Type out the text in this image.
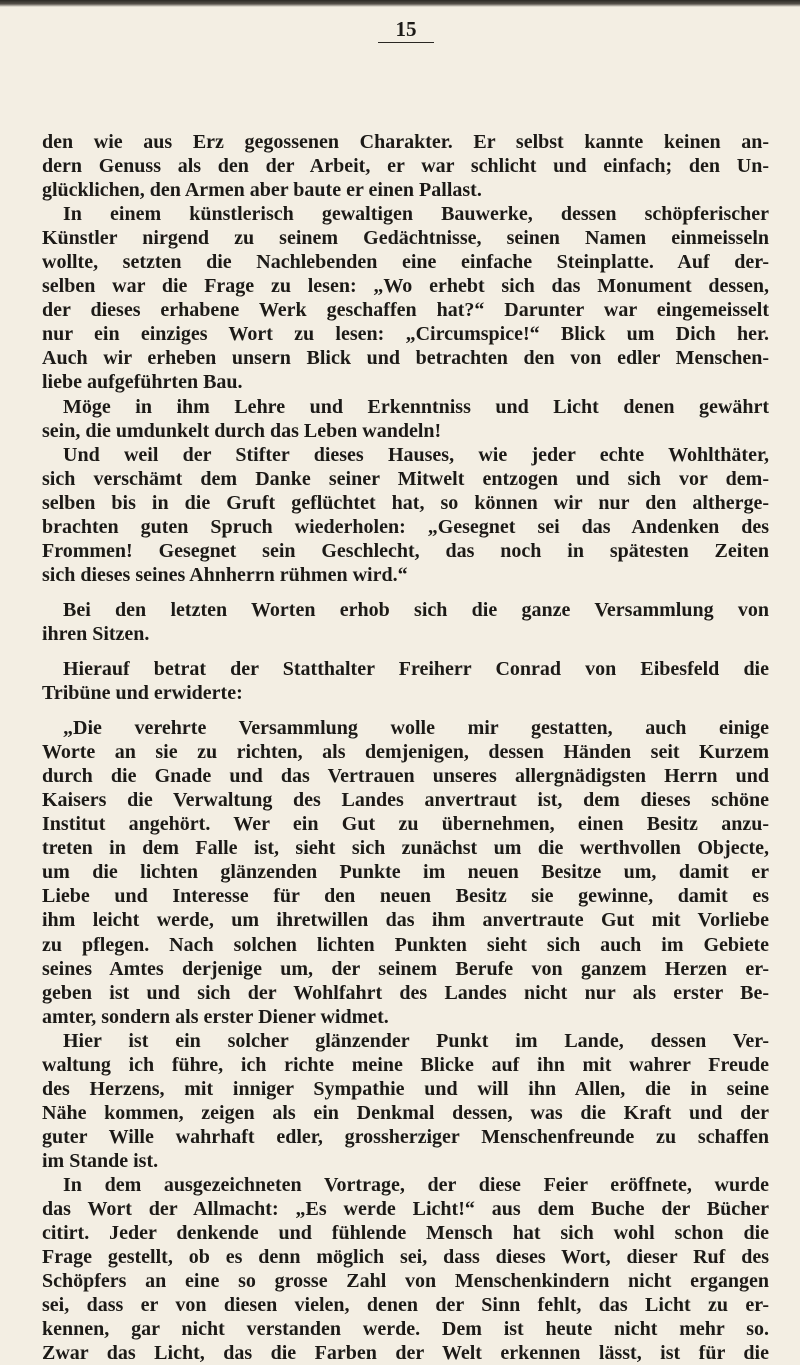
15
den wie aus Erz gegossenen Charakter. Er selbst kannte keinen an-
dern Genuss als den der Arbeit, er war schlicht und einfach; den Un-
glücklichen, den Armen aber baute er einen Pallast.
In einem künstlerisch gewaltigen Bauwerke, dessen schöpferischer
Künstler nirgend zu seinem Gedächtnisse, seinen Namen einmeisseln
wollte, setzten die Nachlebenden eine einfache Steinplatte. Auf der-
selben war die Frage zu lesen: „Wo erhebt sich das Monument dessen,
der dieses erhabene Werk geschaffen hat?“ Darunter war eingemeisselt
nur ein einziges Wort zu lesen: „Circumspice!“ Blick um Dich her.
Auch wir erheben unsern Blick und betrachten den von edler Menschen-
liebe aufgeführten Bau.
Möge in ihm Lehre und Erkenntniss und Licht denen gewährt
sein, die umdunkelt durch das Leben wandeln!
Und weil der Stifter dieses Hauses, wie jeder echte Wohlthäter,
sich verschämt dem Danke seiner Mitwelt entzogen und sich vor dem-
selben bis in die Gruft geflüchtet hat, so können wir nur den altherge-
brachten guten Spruch wiederholen: „Gesegnet sei das Andenken des
Frommen! Gesegnet sein Geschlecht, das noch in spätesten Zeiten
sich dieses seines Ahnherrn rühmen wird.“
Bei den letzten Worten erhob sich die ganze Versammlung von
ihren Sitzen.
Hierauf betrat der Statthalter Freiherr Conrad von Eibesfeld die
Tribüne und erwiderte:
„Die verehrte Versammlung wolle mir gestatten, auch einige
Worte an sie zu richten, als demjenigen, dessen Händen seit Kurzem
durch die Gnade und das Vertrauen unseres allergnädigsten Herrn und
Kaisers die Verwaltung des Landes anvertraut ist, dem dieses schöne
Institut angehört. Wer ein Gut zu übernehmen, einen Besitz anzu-
treten in dem Falle ist, sieht sich zunächst um die werthvollen Objecte,
um die lichten glänzenden Punkte im neuen Besitze um, damit er
Liebe und Interesse für den neuen Besitz sie gewinne, damit es
ihm leicht werde, um ihretwillen das ihm anvertraute Gut mit Vorliebe
zu pflegen. Nach solchen lichten Punkten sieht sich auch im Gebiete
seines Amtes derjenige um, der seinem Berufe von ganzem Herzen er-
geben ist und sich der Wohlfahrt des Landes nicht nur als erster Be-
amter, sondern als erster Diener widmet.
Hier ist ein solcher glänzender Punkt im Lande, dessen Ver-
waltung ich führe, ich richte meine Blicke auf ihn mit wahrer Freude
des Herzens, mit inniger Sympathie und will ihn Allen, die in seine
Nähe kommen, zeigen als ein Denkmal dessen, was die Kraft und der
guter Wille wahrhaft edler, grossherziger Menschenfreunde zu schaffen
im Stande ist.
In dem ausgezeichneten Vortrage, der diese Feier eröffnete, wurde
das Wort der Allmacht: „Es werde Licht!“ aus dem Buche der Bücher
citirt. Jeder denkende und fühlende Mensch hat sich wohl schon die
Frage gestellt, ob es denn möglich sei, dass dieses Wort, dieser Ruf des
Schöpfers an eine so grosse Zahl von Menschenkindern nicht ergangen
sei, dass er von diesen vielen, denen der Sinn fehlt, das Licht zu er-
kennen, gar nicht verstanden werde. Dem ist heute nicht mehr so.
Zwar das Licht, das die Farben der Welt erkennen lässt, ist für die
